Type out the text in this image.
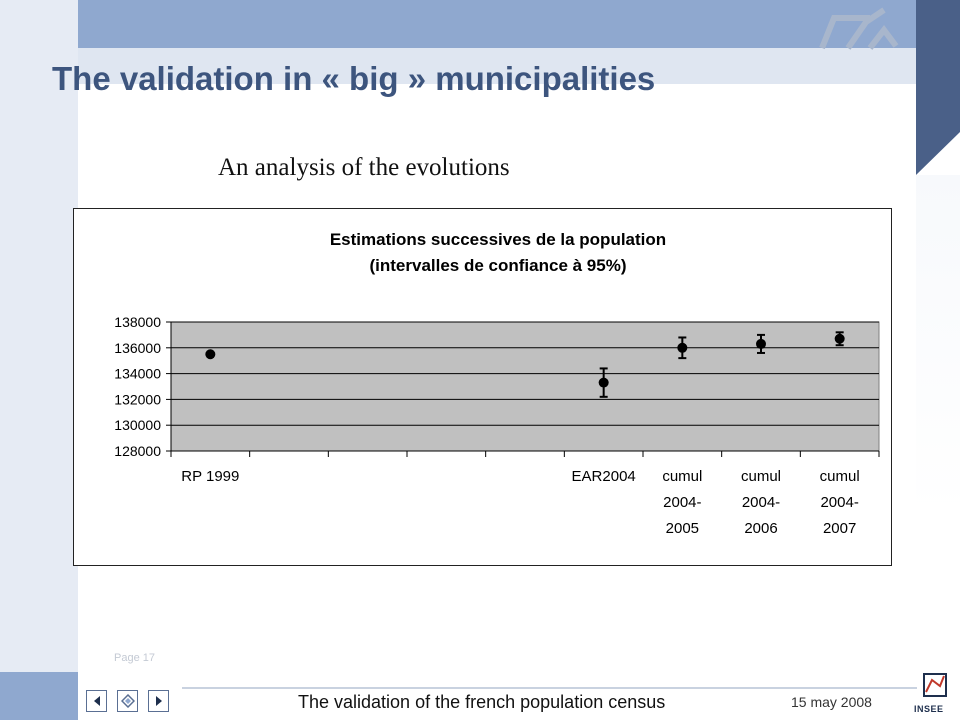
The validation in « big » municipalities

An analysis of the evolutions

Estimations successives de la population
(intervalles de confiance à 95%)
138000
136000
134000
132000
130000
128000
RP 1999	EAR2004 cumul
2004-
2005
cumul
2004-
2006
cumul
2004-
2007
Page 17
The validation of the french population census	15 may 2008	INSEE
